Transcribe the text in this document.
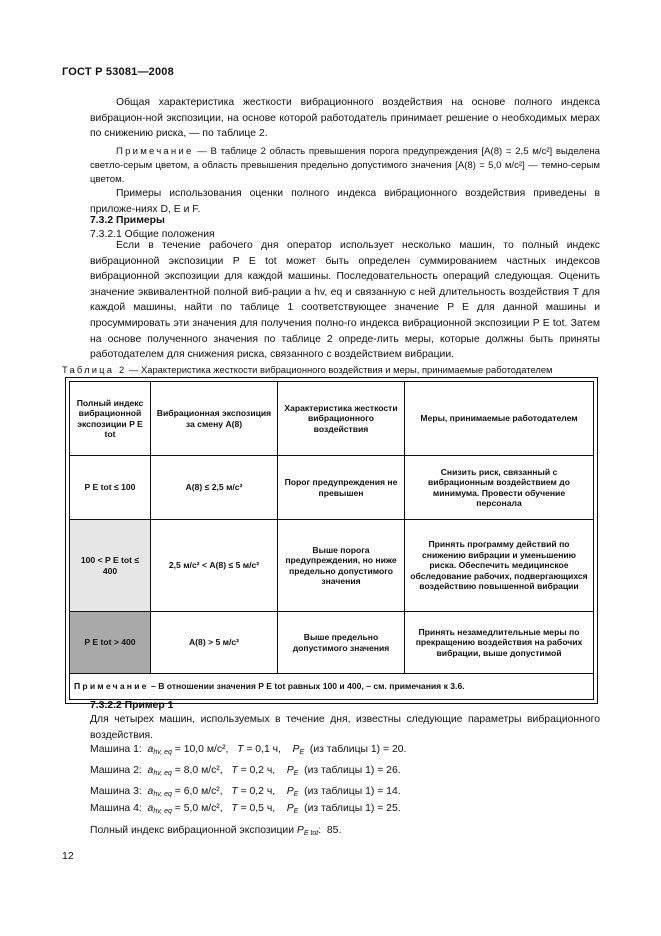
ГОСТ Р 53081—2008
Общая характеристика жесткости вибрационного воздействия на основе полного индекса вибрацион-ной экспозиции, на основе которой работодатель принимает решение о необходимых мерах по снижению риска, — по таблице 2.
Примечание — В таблице 2 область превышения порога предупреждения [A(8) = 2,5 м/с²] выделена светло-серым цветом, а область превышения предельно допустимого значения [A(8) = 5,0 м/с²] — темно-серым цветом.
Примеры использования оценки полного индекса вибрационного воздействия приведены в приложе-ниях D, E и F.
7.3.2 Примеры
7.3.2.1 Общие положения
Если в течение рабочего дня оператор использует несколько машин, то полный индекс вибрационной экспозиции P E tot может быть определен суммированием частных индексов вибрационной экспозиции для каждой машины. Последовательность операций следующая. Оценить значение эквивалентной полной виб-рации a hv, eq и связанную с ней длительность воздействия T для каждой машины, найти по таблице 1 соответствующее значение P E для данной машины и просуммировать эти значения для получения полно-го индекса вибрационной экспозиции P E tot. Затем на основе полученного значения по таблице 2 опреде-лить меры, которые должны быть приняты работодателем для снижения риска, связанного с воздействием вибрации.
Таблица 2 — Характеристика жесткости вибрационного воздействия и меры, принимаемые работодателем
Полный индекс вибрационной экспозиции P E tot	Вибрационная экспозиция за смену A(8)	Характеристика жесткости вибрационного воздействия	Меры, принимаемые работодателем
P E tot ≤ 100	A(8) ≤ 2,5 м/с²	Порог предупреждения не превышен	Снизить риск, связанный с вибрационным воздействием до минимума. Провести обучение персонала
100 < P E tot ≤ 400	2,5 м/с² < A(8) ≤ 5 м/с²	Выше порога предупреждения, но ниже предельно допустимого значения	Принять программу действий по снижению вибрации и уменьшению риска. Обеспечить медицинское обследование рабочих, подвергающихся воздействию повышенной вибрации
P E tot > 400	A(8) > 5 м/с²	Выше предельно допустимого значения	Принять незамедлительные меры по прекращению воздействия на рабочих вибрации, выше допустимой
Примечание – В отношении значения P E tot равных 100 и 400, – см. примечания к 3.6.
7.3.2.2 Пример 1
Для четырех машин, используемых в течение дня, известны следующие параметры вибрационного воздействия.
Машина 1: $a_{hv, eq} = 10,0$ м/с², T = 0,1 ч, $P_E$ (из таблицы 1) = 20.
Машина 2: $a_{hv, eq} = 8,0$ м/с², T = 0,2 ч, $P_E$ (из таблицы 1) = 26.
Машина 3: $a_{hv, eq} = 6,0$ м/с², T = 0,2 ч, $P_E$ (из таблицы 1) = 14.
Машина 4: $a_{hv, eq} = 5,0$ м/с², T = 0,5 ч, $P_E$ (из таблицы 1) = 25.
Полный индекс вибрационной экспозиции $P_{E tot}$:  85.
12
